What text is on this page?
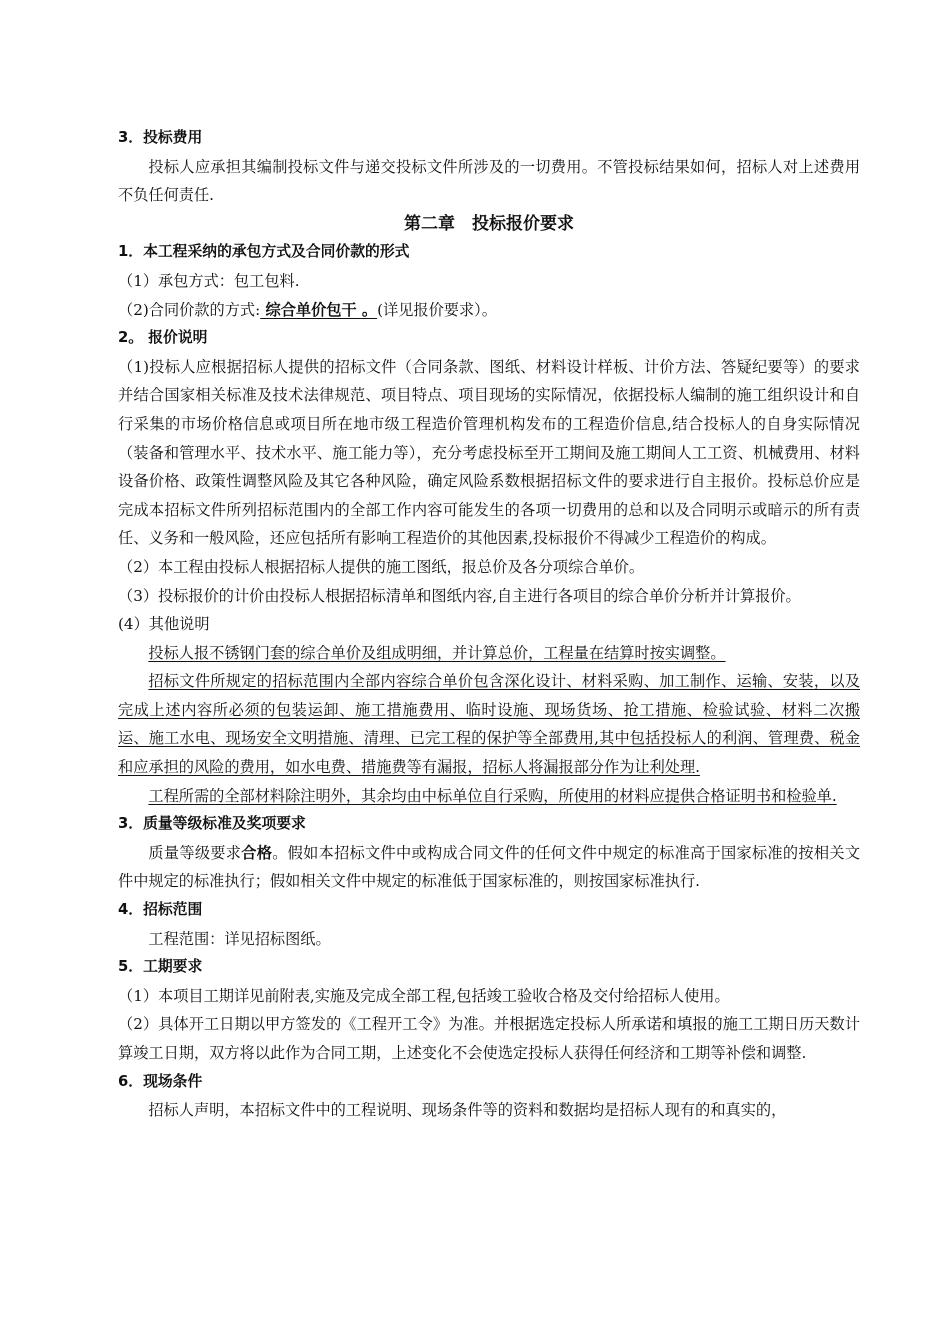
3．投标费用

投标人应承担其编制投标文件与递交投标文件所涉及的一切费用。不管投标结果如何，招标人对上述费用不负任何责任.

第二章　投标报价要求

1．本工程采纳的承包方式及合同价款的形式

（1）承包方式：包工包料.

（2)合同价款的方式: 综合单价包干 。(详见报价要求）。

2。 报价说明

（1)投标人应根据招标人提供的招标文件（合同条款、图纸、材料设计样板、计价方法、答疑纪要等）的要求并结合国家相关标准及技术法律规范、项目特点、项目现场的实际情况，依据投标人编制的施工组织设计和自行采集的市场价格信息或项目所在地市级工程造价管理机构发布的工程造价信息,结合投标人的自身实际情况（装备和管理水平、技术水平、施工能力等），充分考虑投标至开工期间及施工期间人工工资、机械费用、材料设备价格、政策性调整风险及其它各种风险，确定风险系数根据招标文件的要求进行自主报价。投标总价应是完成本招标文件所列招标范围内的全部工作内容可能发生的各项一切费用的总和以及合同明示或暗示的所有责任、义务和一般风险，还应包括所有影响工程造价的其他因素,投标报价不得减少工程造价的构成。

（2）本工程由投标人根据招标人提供的施工图纸，报总价及各分项综合单价。

（3）投标报价的计价由投标人根据招标清单和图纸内容,自主进行各项目的综合单价分析并计算报价。

(4）其他说明

投标人报不锈钢门套的综合单价及组成明细，并计算总价，工程量在结算时按实调整。

招标文件所规定的招标范围内全部内容综合单价包含深化设计、材料采购、加工制作、运输、安装，以及完成上述内容所必须的包装运卸、施工措施费用、临时设施、现场货场、抢工措施、检验试验、材料二次搬运、施工水电、现场安全文明措施、清理、已完工程的保护等全部费用,其中包括投标人的利润、管理费、税金和应承担的风险的费用，如水电费、措施费等有漏报，招标人将漏报部分作为让利处理.

工程所需的全部材料除注明外，其余均由中标单位自行采购，所使用的材料应提供合格证明书和检验单.

3．质量等级标准及奖项要求

质量等级要求合格。假如本招标文件中或构成合同文件的任何文件中规定的标准高于国家标准的按相关文件中规定的标准执行；假如相关文件中规定的标准低于国家标准的，则按国家标准执行.

4．招标范围

工程范围：详见招标图纸。

5．工期要求

（1）本项目工期详见前附表,实施及完成全部工程,包括竣工验收合格及交付给招标人使用。

（2）具体开工日期以甲方签发的《工程开工令》为准。并根据选定投标人所承诺和填报的施工工期日历天数计算竣工日期，双方将以此作为合同工期，上述变化不会使选定投标人获得任何经济和工期等补偿和调整.

6．现场条件

招标人声明，本招标文件中的工程说明、现场条件等的资料和数据均是招标人现有的和真实的，
